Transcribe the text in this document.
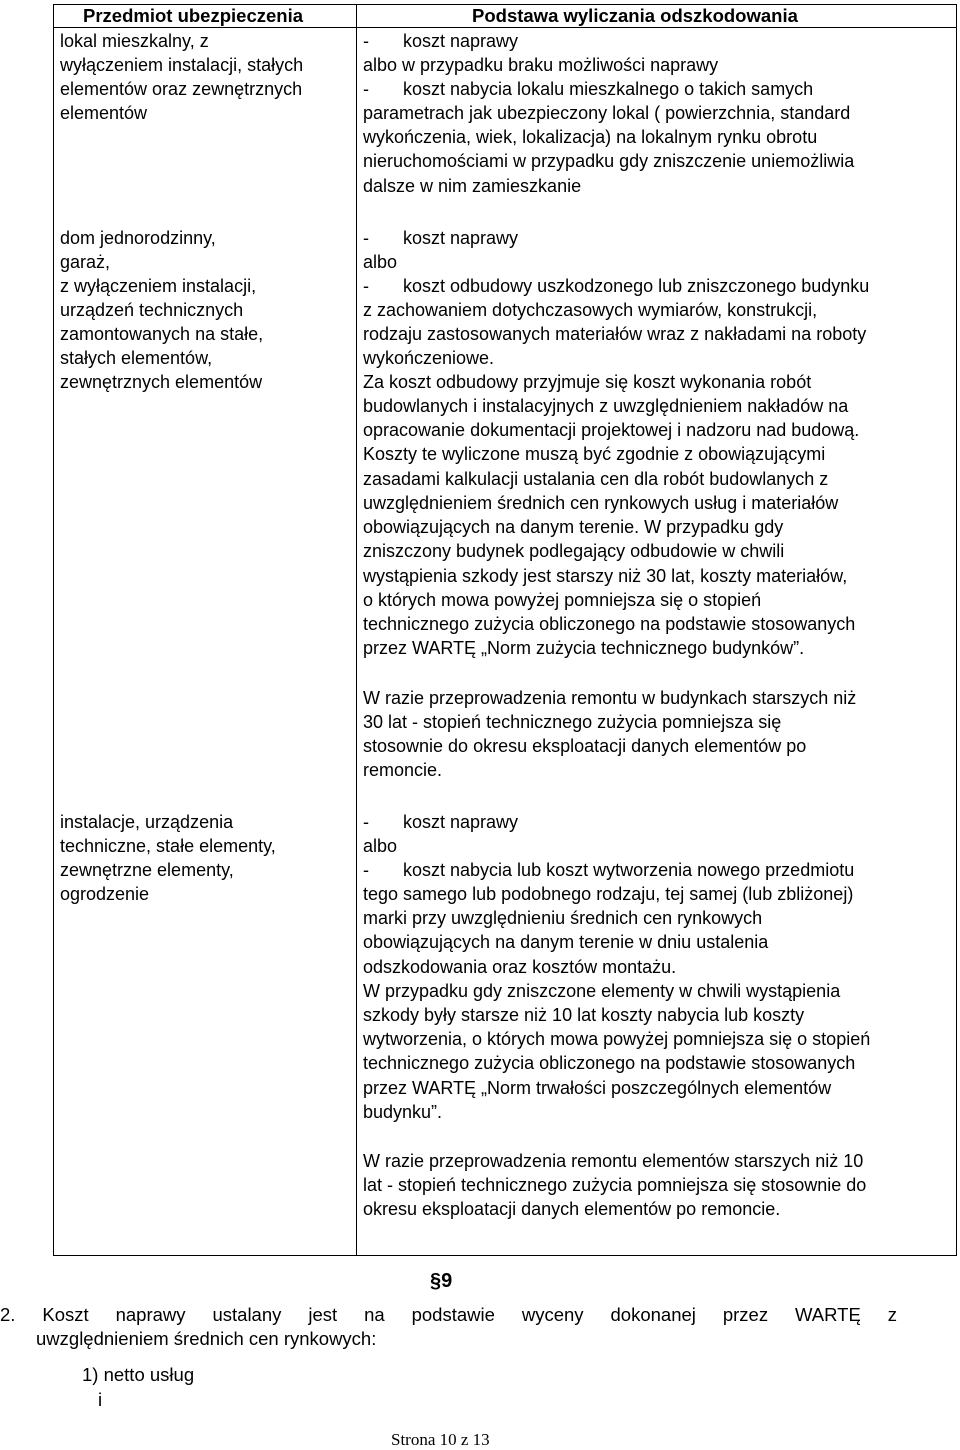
Przedmiot ubezpieczenia	Podstawa wyliczania odszkodowania
lokal mieszkalny, z
wyłączeniem instalacji, stałych
elementów oraz zewnętrznych
elementów
- koszt naprawy
albo w przypadku braku możliwości naprawy
- koszt nabycia lokalu mieszkalnego o takich samych
parametrach jak ubezpieczony lokal ( powierzchnia, standard
wykończenia, wiek, lokalizacja) na lokalnym rynku obrotu
nieruchomościami w przypadku gdy zniszczenie uniemożliwia
dalsze w nim zamieszkanie
dom jednorodzinny,
garaż,
z wyłączeniem instalacji,
urządzeń technicznych
zamontowanych na stałe,
stałych elementów,
zewnętrznych elementów
- koszt naprawy
albo
- koszt odbudowy uszkodzonego lub zniszczonego budynku
z zachowaniem dotychczasowych wymiarów, konstrukcji,
rodzaju zastosowanych materiałów wraz z nakładami na roboty
wykończeniowe.
Za koszt odbudowy przyjmuje się koszt wykonania robót
budowlanych i instalacyjnych z uwzględnieniem nakładów na
opracowanie dokumentacji projektowej i nadzoru nad budową.
Koszty te wyliczone muszą być zgodnie z obowiązującymi
zasadami kalkulacji ustalania cen dla robót budowlanych z
uwzględnieniem średnich cen rynkowych usług i materiałów
obowiązujących na danym terenie. W przypadku gdy
zniszczony budynek podlegający odbudowie w chwili
wystąpienia szkody jest starszy niż 30 lat, koszty materiałów,
o których mowa powyżej pomniejsza się o stopień
technicznego zużycia obliczonego na podstawie stosowanych
przez WARTĘ „Norm zużycia technicznego budynków”.
W razie przeprowadzenia remontu w budynkach starszych niż
30 lat - stopień technicznego zużycia pomniejsza się
stosownie do okresu eksploatacji danych elementów po
remoncie.
instalacje, urządzenia
techniczne, stałe elementy,
zewnętrzne elementy,
ogrodzenie
- koszt naprawy
albo
- koszt nabycia lub koszt wytworzenia nowego przedmiotu
tego samego lub podobnego rodzaju, tej samej (lub zbliżonej)
marki przy uwzględnieniu średnich cen rynkowych
obowiązujących na danym terenie w dniu ustalenia
odszkodowania oraz kosztów montażu.
W przypadku gdy zniszczone elementy w chwili wystąpienia
szkody były starsze niż 10 lat koszty nabycia lub koszty
wytworzenia, o których mowa powyżej pomniejsza się o stopień
technicznego zużycia obliczonego na podstawie stosowanych
przez WARTĘ „Norm trwałości poszczególnych elementów
budynku”.
W razie przeprowadzenia remontu elementów starszych niż 10
lat - stopień technicznego zużycia pomniejsza się stosownie do
okresu eksploatacji danych elementów po remoncie.
§9
2. Koszt naprawy ustalany jest na podstawie wyceny dokonanej przez WARTĘ z
uwzględnieniem średnich cen rynkowych:
1) netto usług
i
Strona 10 z 13
